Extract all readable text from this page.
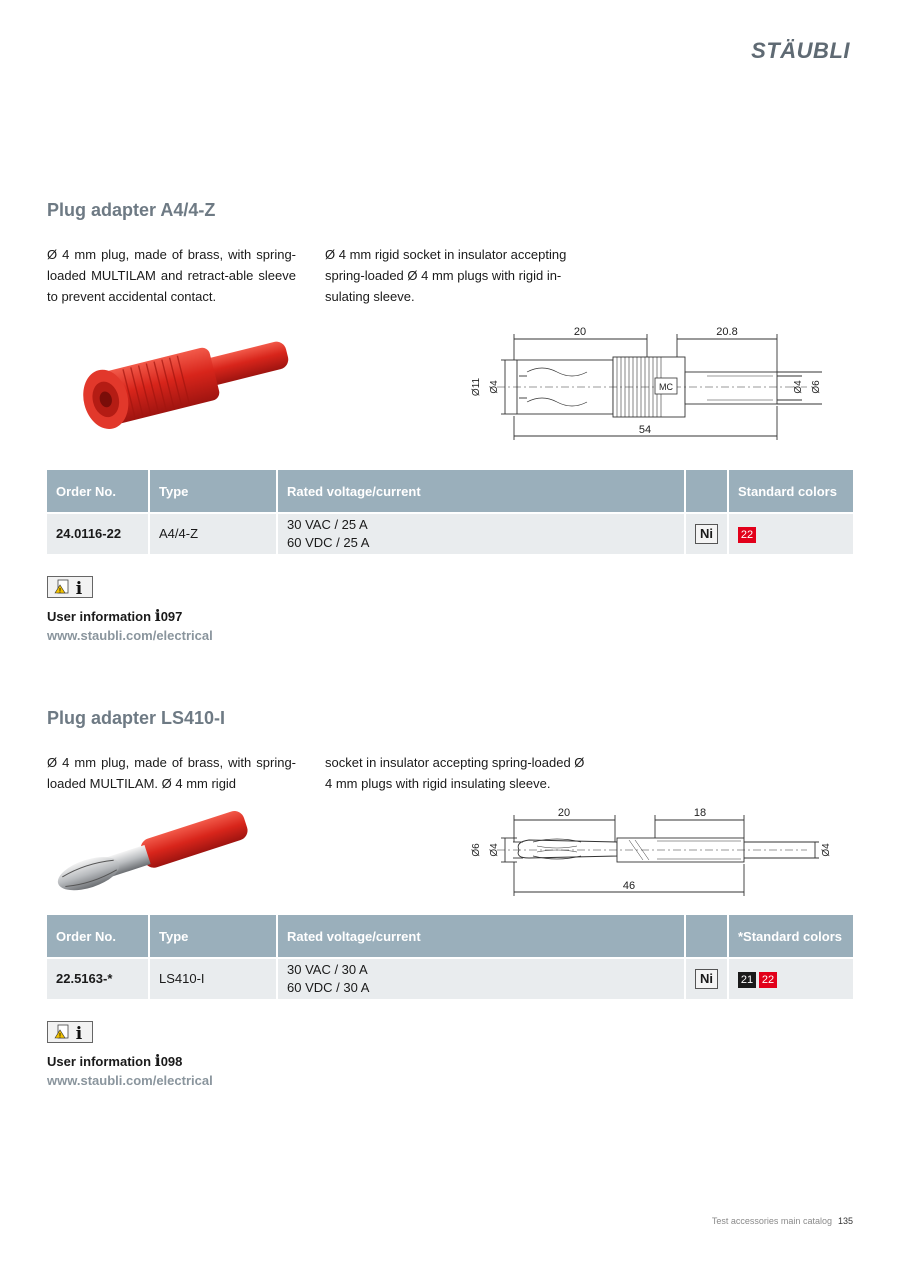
STÄUBLI
Plug adapter A4/4-Z
Ø 4 mm plug, made of brass, with spring-loaded MULTILAM and retract-able sleeve to prevent accidental contact.
Ø 4 mm rigid socket in insulator accepting spring-loaded Ø 4 mm plugs with rigid in-sulating sleeve.
MC
20	20.8
54
Ø11 Ø4	Ø4 Ø6
Order No.	Type	Rated voltage/current		Standard colors
24.0116-22	A4/4-Z	30 VAC / 25 A
60 VDC / 25 A	Ni	22
! i
User information i097
www.staubli.com/electrical
Plug adapter LS410-I
Ø 4 mm plug, made of brass, with spring-loaded MULTILAM. Ø 4 mm rigid
socket in insulator accepting spring-loaded Ø 4 mm plugs with rigid insulating sleeve.
20	18
46
Ø6 Ø4	Ø4
Order No.	Type	Rated voltage/current		*Standard colors
22.5163-*	LS410-I	30 VAC / 30 A
60 VDC / 30 A	Ni	21 22
! i
User information i098
www.staubli.com/electrical
Test accessories main catalog 135
